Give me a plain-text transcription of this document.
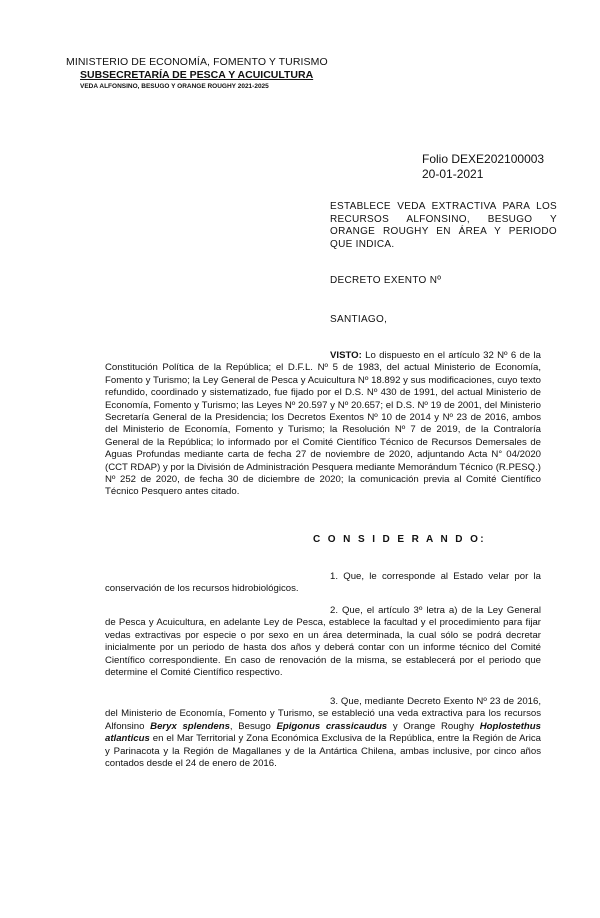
MINISTERIO DE ECONOMÍA, FOMENTO Y TURISMO
SUBSECRETARÍA DE PESCA Y ACUICULTURA
VEDA ALFONSINO, BESUGO Y ORANGE ROUGHY 2021-2025
Folio DEXE202100003
20-01-2021
ESTABLECE VEDA EXTRACTIVA PARA LOS RECURSOS ALFONSINO, BESUGO Y ORANGE ROUGHY EN ÁREA Y PERIODO QUE INDICA.
DECRETO EXENTO Nº
SANTIAGO,

VISTO: Lo dispuesto en el artículo 32 Nº 6 de la Constitución Política de la República; el D.F.L. Nº 5 de 1983, del actual Ministerio de Economía, Fomento y Turismo; la Ley General de Pesca y Acuicultura Nº 18.892 y sus modificaciones, cuyo texto refundido, coordinado y sistematizado, fue fijado por el D.S. Nº 430 de 1991, del actual Ministerio de Economía, Fomento y Turismo; las Leyes Nº 20.597 y Nº 20.657; el D.S. Nº 19 de 2001, del Ministerio Secretaría General de la Presidencia; los Decretos Exentos Nº 10 de 2014 y Nº 23 de 2016, ambos del Ministerio de Economía, Fomento y Turismo; la Resolución Nº 7 de 2019, de la Contraloría General de la República; lo informado por el Comité Científico Técnico de Recursos Demersales de Aguas Profundas mediante carta de fecha 27 de noviembre de 2020, adjuntando Acta N° 04/2020 (CCT RDAP) y por la División de Administración Pesquera mediante Memorándum Técnico (R.PESQ.) Nº 252 de 2020, de fecha 30 de diciembre de 2020; la comunicación previa al Comité Científico Técnico Pesquero antes citado.

C O N S I D E R A N D O:

1. Que, le corresponde al Estado velar por la conservación de los recursos hidrobiológicos.

2. Que, el artículo 3º letra a) de la Ley General de Pesca y Acuicultura, en adelante Ley de Pesca, establece la facultad y el procedimiento para fijar vedas extractivas por especie o por sexo en un área determinada, la cual sólo se podrá decretar inicialmente por un periodo de hasta dos años y deberá contar con un informe técnico del Comité Científico correspondiente. En caso de renovación de la misma, se establecerá por el periodo que determine el Comité Científico respectivo.

3. Que, mediante Decreto Exento Nº 23 de 2016, del Ministerio de Economía, Fomento y Turismo, se estableció una veda extractiva para los recursos Alfonsino Beryx splendens, Besugo Epigonus crassicaudus y Orange Roughy Hoplostethus atlanticus en el Mar Territorial y Zona Económica Exclusiva de la República, entre la Región de Arica y Parinacota y la Región de Magallanes y de la Antártica Chilena, ambas inclusive, por cinco años contados desde el 24 de enero de 2016.
